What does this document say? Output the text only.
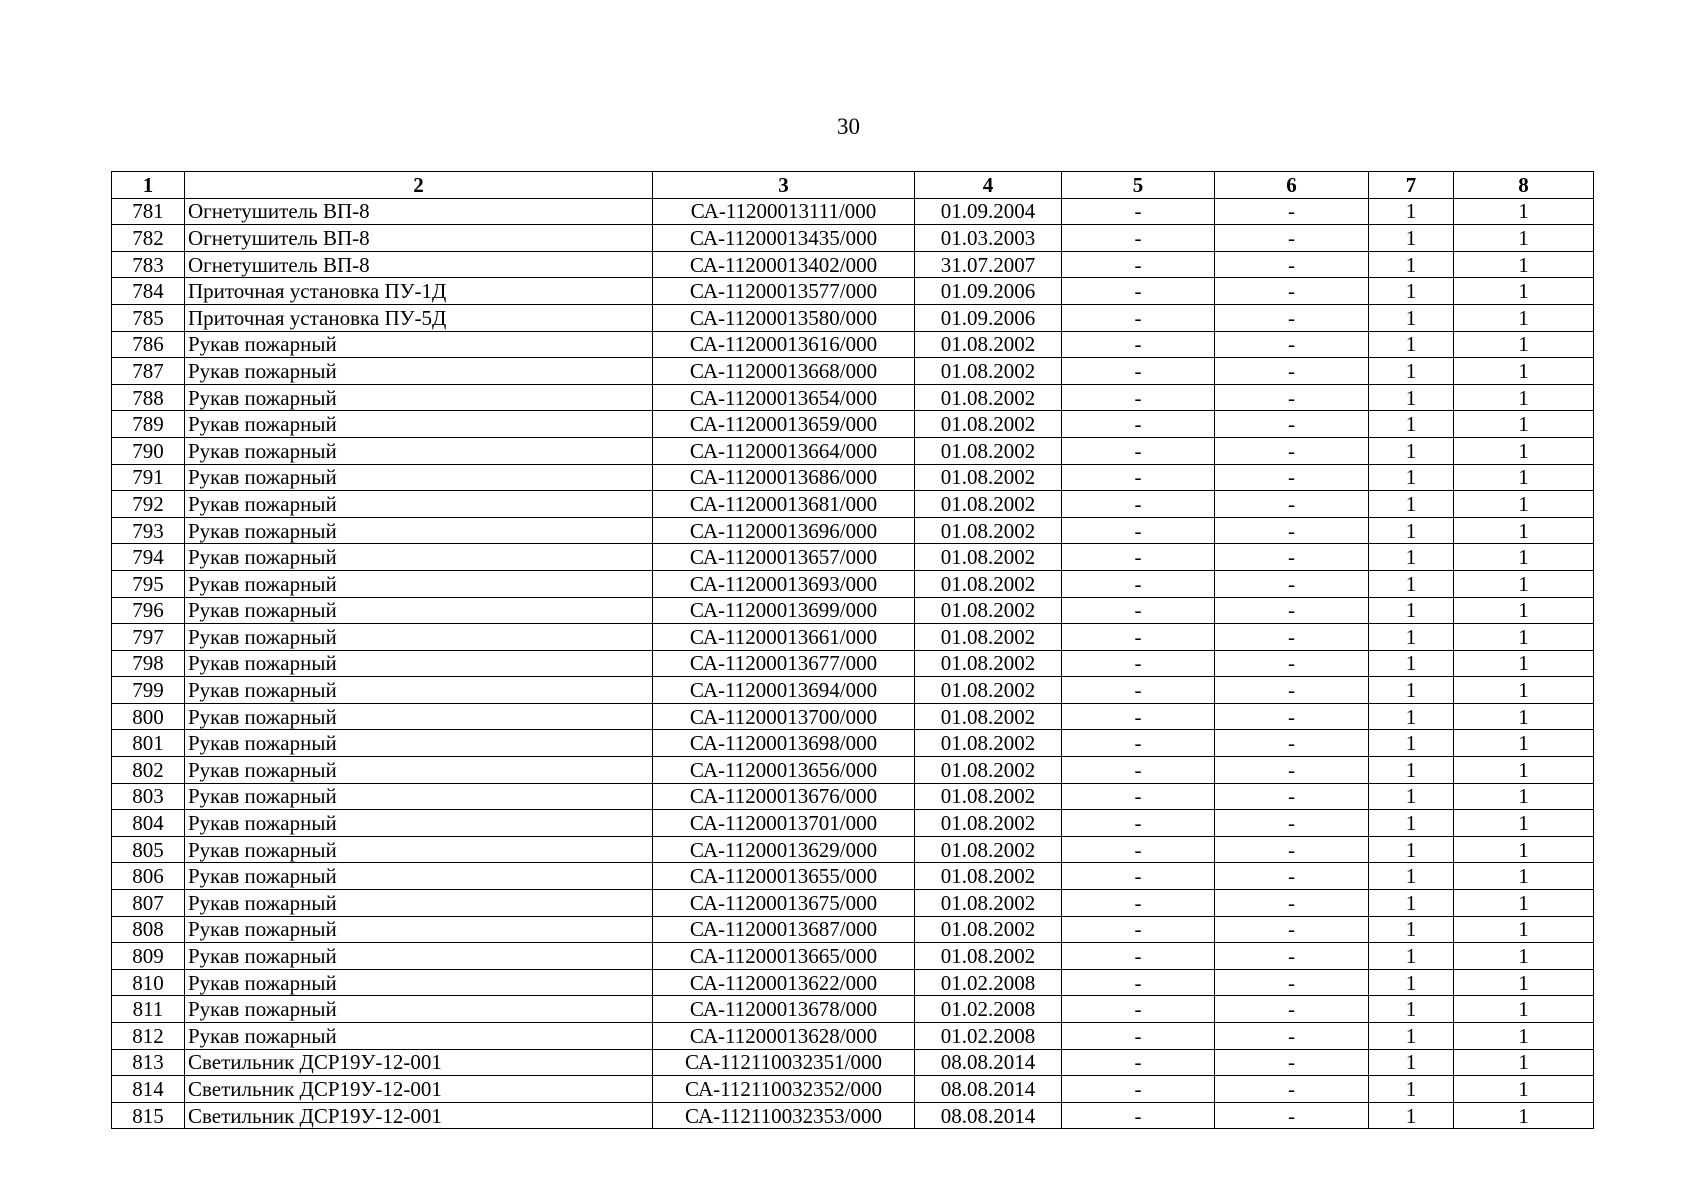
30
1	2	3	4	5	6	7	8
781	Огнетушитель ВП-8	СА-11200013111/000	01.09.2004	-	-	1	1
782	Огнетушитель ВП-8	СА-11200013435/000	01.03.2003	-	-	1	1
783	Огнетушитель ВП-8	СА-11200013402/000	31.07.2007	-	-	1	1
784	Приточная установка ПУ-1Д	СА-11200013577/000	01.09.2006	-	-	1	1
785	Приточная установка ПУ-5Д	СА-11200013580/000	01.09.2006	-	-	1	1
786	Рукав пожарный	СА-11200013616/000	01.08.2002	-	-	1	1
787	Рукав пожарный	СА-11200013668/000	01.08.2002	-	-	1	1
788	Рукав пожарный	СА-11200013654/000	01.08.2002	-	-	1	1
789	Рукав пожарный	СА-11200013659/000	01.08.2002	-	-	1	1
790	Рукав пожарный	СА-11200013664/000	01.08.2002	-	-	1	1
791	Рукав пожарный	СА-11200013686/000	01.08.2002	-	-	1	1
792	Рукав пожарный	СА-11200013681/000	01.08.2002	-	-	1	1
793	Рукав пожарный	СА-11200013696/000	01.08.2002	-	-	1	1
794	Рукав пожарный	СА-11200013657/000	01.08.2002	-	-	1	1
795	Рукав пожарный	СА-11200013693/000	01.08.2002	-	-	1	1
796	Рукав пожарный	СА-11200013699/000	01.08.2002	-	-	1	1
797	Рукав пожарный	СА-11200013661/000	01.08.2002	-	-	1	1
798	Рукав пожарный	СА-11200013677/000	01.08.2002	-	-	1	1
799	Рукав пожарный	СА-11200013694/000	01.08.2002	-	-	1	1
800	Рукав пожарный	СА-11200013700/000	01.08.2002	-	-	1	1
801	Рукав пожарный	СА-11200013698/000	01.08.2002	-	-	1	1
802	Рукав пожарный	СА-11200013656/000	01.08.2002	-	-	1	1
803	Рукав пожарный	СА-11200013676/000	01.08.2002	-	-	1	1
804	Рукав пожарный	СА-11200013701/000	01.08.2002	-	-	1	1
805	Рукав пожарный	СА-11200013629/000	01.08.2002	-	-	1	1
806	Рукав пожарный	СА-11200013655/000	01.08.2002	-	-	1	1
807	Рукав пожарный	СА-11200013675/000	01.08.2002	-	-	1	1
808	Рукав пожарный	СА-11200013687/000	01.08.2002	-	-	1	1
809	Рукав пожарный	СА-11200013665/000	01.08.2002	-	-	1	1
810	Рукав пожарный	СА-11200013622/000	01.02.2008	-	-	1	1
811	Рукав пожарный	СА-11200013678/000	01.02.2008	-	-	1	1
812	Рукав пожарный	СА-11200013628/000	01.02.2008	-	-	1	1
813	Светильник ДСР19У-12-001	СА-112110032351/000	08.08.2014	-	-	1	1
814	Светильник ДСР19У-12-001	СА-112110032352/000	08.08.2014	-	-	1	1
815	Светильник ДСР19У-12-001	СА-112110032353/000	08.08.2014	-	-	1	1
